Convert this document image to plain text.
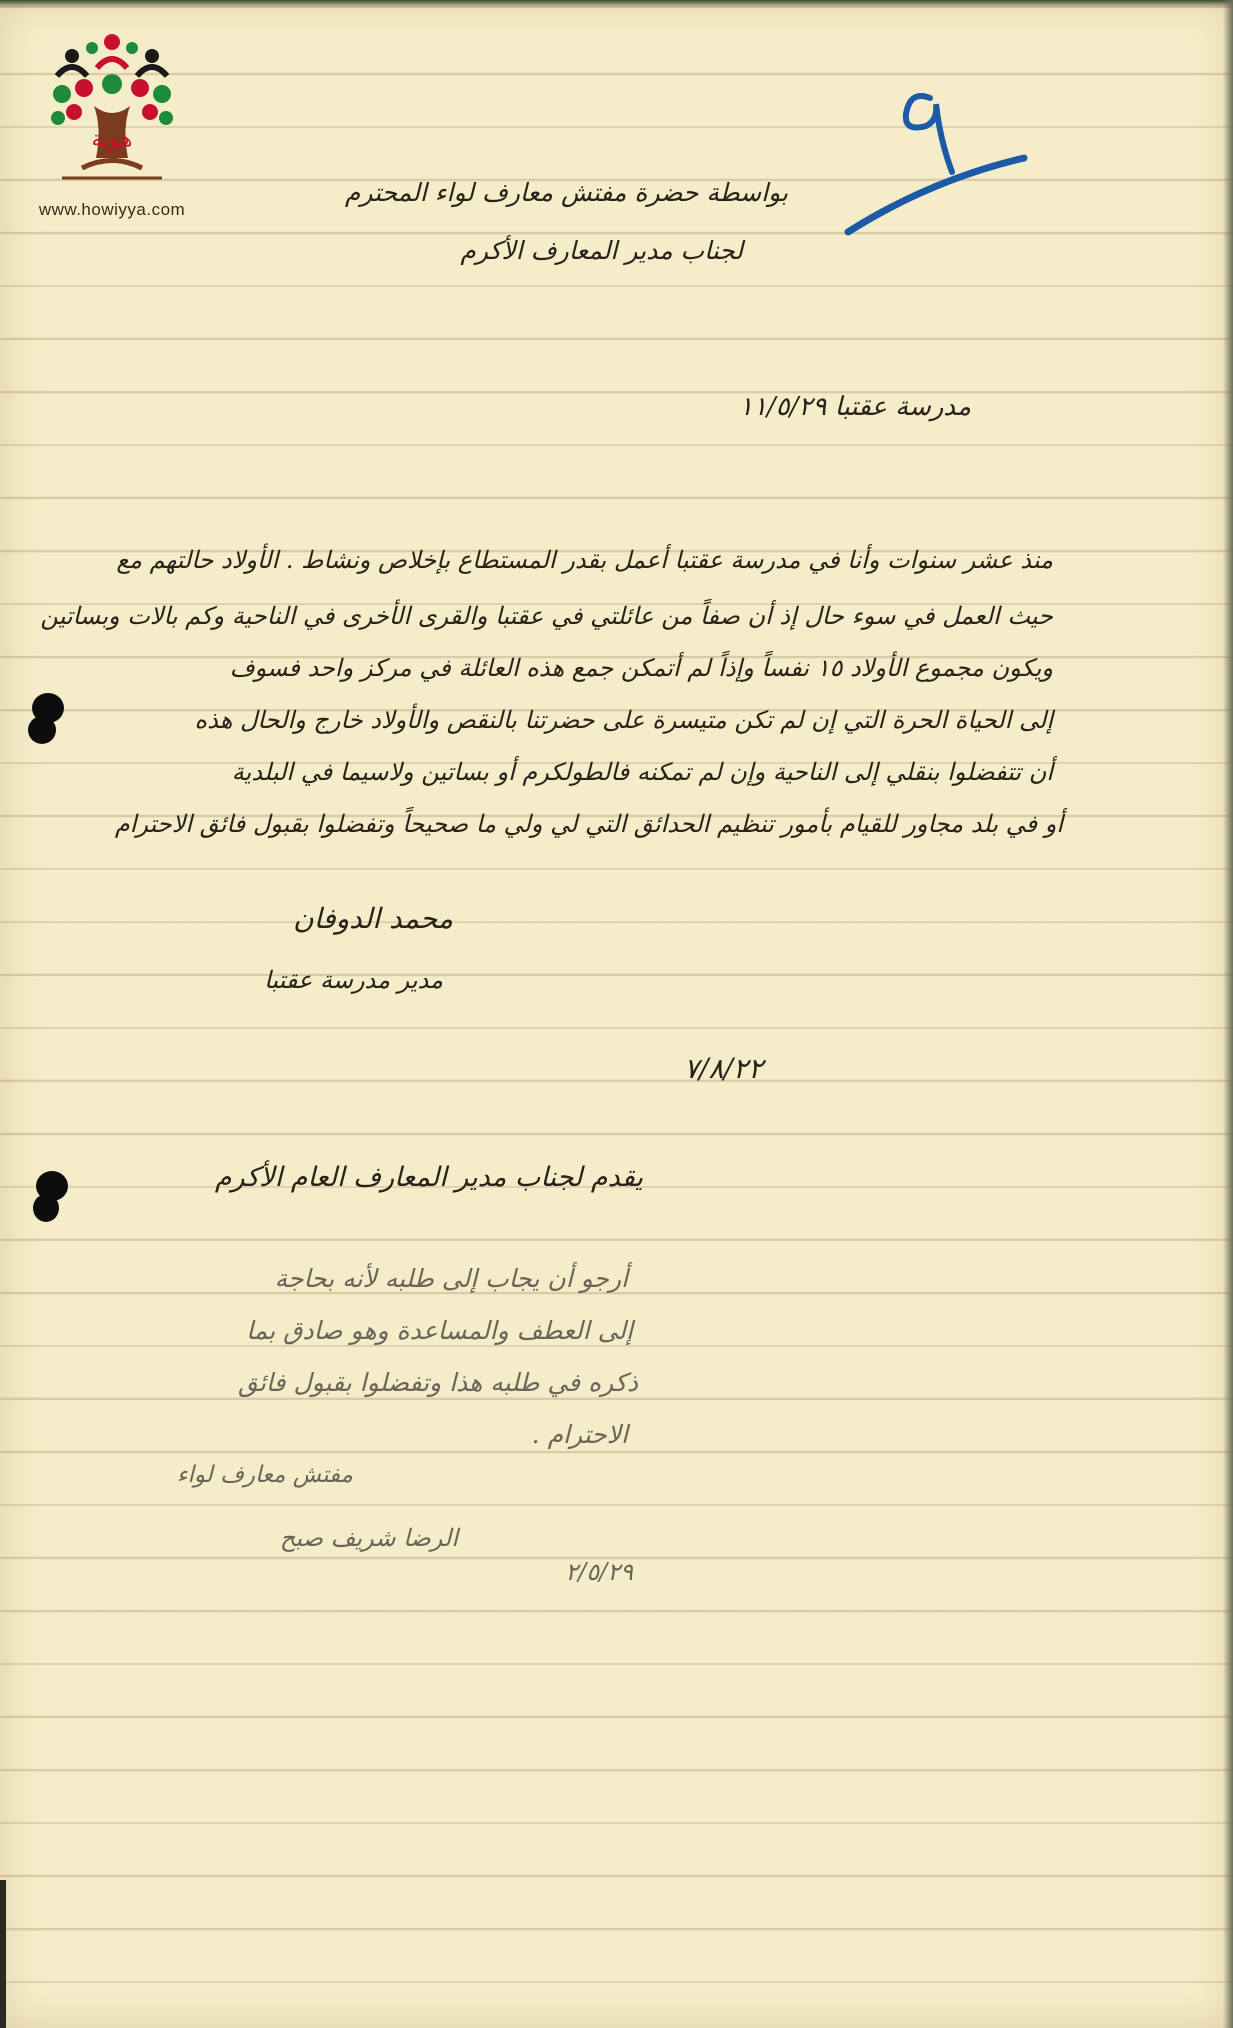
هوية
www.howiyya.com
9
بواسطة حضرة مفتش معارف لواء المحترم
لجناب مدير المعارف الأكرم
مدرسة عقتبا ١١/٥/٢٩
منذ عشر سنوات وأنا في مدرسة عقتبا أعمل بقدر المستطاع بإخلاص ونشاط . الأولاد حالتهم مع
حيث العمل في سوء حال إذ أن صفاً من عائلتي في عقتبا والقرى الأخرى في الناحية وكم بالات وبساتين
ويكون مجموع الأولاد ١٥ نفساً وإذاً لم أتمكن جمع هذه العائلة في مركز واحد فسوف
إلى الحياة الحرة التي إن لم تكن متيسرة على حضرتنا بالنقص والأولاد خارج والحال هذه
أن تتفضلوا بنقلي إلى الناحية وإن لم تمكنه فالطولكرم أو بساتين ولاسيما في البلدية
أو في بلد مجاور للقيام بأمور تنظيم الحدائق التي لي ولي ما صحيحاً وتفضلوا بقبول فائق الاحترام
محمد الدوفان
مدير مدرسة عقتبا
٧/٨/٢٢
يقدم لجناب مدير المعارف العام الأكرم
أرجو أن يجاب إلى طلبه لأنه بحاجة
إلى العطف والمساعدة وهو صادق بما
ذكره في طلبه هذا وتفضلوا بقبول فائق
الاحترام .
مفتش معارف لواء
الرضا شريف صبح
٢/٥/٢٩
